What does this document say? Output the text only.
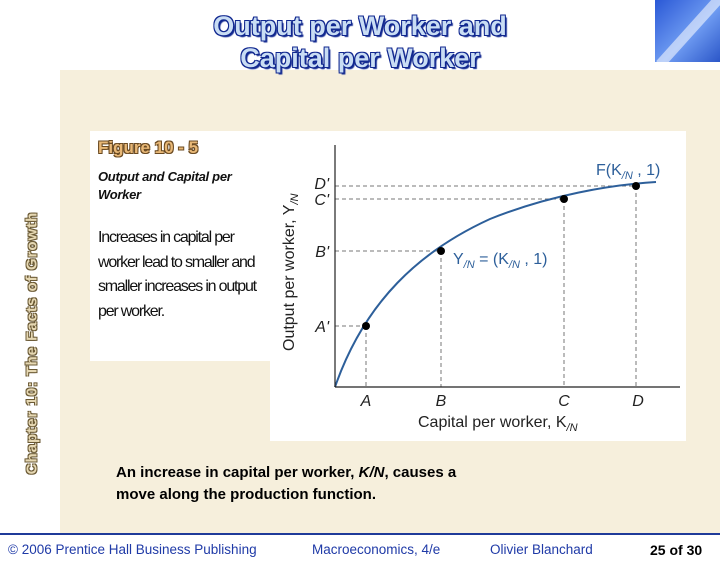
Output per Worker and
Capital per Worker
Chapter 10: The Facts of Growth
Figure 10 - 5
Output and Capital per Worker
Increases in capital per worker lead to smaller and smaller increases in output per worker.
A	B	C	D
A'
B'
C'
D'
Capital per worker, $K_{/N}$
Output per worker, $Y_{/N}$
$F(K_{/N}$ , 1)
$Y_{/N} = (K_{/N}$ , 1)
An increase in capital per worker, K/N, causes a
move along the production function.
© 2006 Prentice Hall Business Publishing	Macroeconomics, 4/e	Olivier Blanchard	25 of 30
